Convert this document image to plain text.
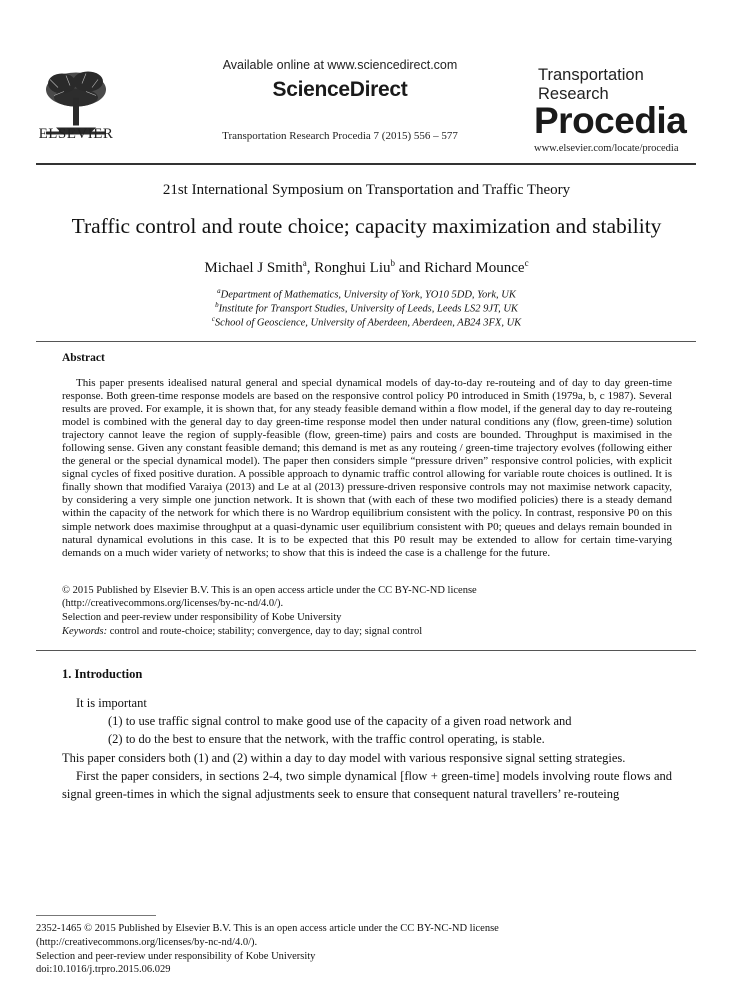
ELSEVIER
Available online at www.sciencedirect.com
ScienceDirect
Transportation Research Procedia 7 (2015) 556 – 577
Transportation
Research
Procedia
www.elsevier.com/locate/procedia
21st International Symposium on Transportation and Traffic Theory
Traffic control and route choice; capacity maximization and stability
Michael J Smith$^a$, Ronghui Liu$^b$ and Richard Mounce$^c$
$^a$Department of Mathematics, University of York, YO10 5DD, York, UK
$^b$Institute for Transport Studies, University of Leeds, Leeds LS2 9JT, UK
$^c$School of Geoscience, University of Aberdeen, Aberdeen, AB24 3FX, UK
Abstract
This paper presents idealised natural general and special dynamical models of day-to-day re-routeing and of day to day green-time response. Both green-time response models are based on the responsive control policy P0 introduced in Smith (1979a, b, c 1987). Several results are proved. For example, it is shown that, for any steady feasible demand within a flow model, if the general day to day re-routeing model is combined with the general day to day green-time response model then under natural conditions any (flow, green-time) solution trajectory cannot leave the region of supply-feasible (flow, green-time) pairs and costs are bounded. Throughput is maximised in the following sense. Given any constant feasible demand; this demand is met as any routeing / green-time trajectory evolves (following either the general or the special dynamical model). The paper then considers simple “pressure driven” responsive control policies, with explicit signal cycles of fixed positive duration. A possible approach to dynamic traffic control allowing for variable route choices is outlined. It is finally shown that modified Varaiya (2013) and Le at al (2013) pressure-driven responsive controls may not maximise network capacity, by considering a very simple one junction network. It is shown that (with each of these two modified policies) there is a steady demand within the capacity of the network for which there is no Wardrop equilibrium consistent with the policy. In contrast, responsive P0 on this simple network does maximise throughput at a quasi-dynamic user equilibrium consistent with P0; queues and delays remain bounded in natural dynamical evolutions in this case. It is to be expected that this P0 result may be extended to allow for certain time-varying demands on a much wider variety of networks; to show that this is indeed the case is a challenge for the future.
© 2015 Published by Elsevier B.V. This is an open access article under the CC BY-NC-ND license
(http://creativecommons.org/licenses/by-nc-nd/4.0/).
Selection and peer-review under responsibility of Kobe University
Keywords: control and route-choice; stability; convergence, day to day; signal control
1. Introduction
It is important
(1) to use traffic signal control to make good use of the capacity of a given road network and
(2) to do the best to ensure that the network, with the traffic control operating, is stable.
This paper considers both (1) and (2) within a day to day model with various responsive signal setting strategies.
First the paper considers, in sections 2-4, two simple dynamical [flow + green-time] models involving route flows and signal green-times in which the signal adjustments seek to ensure that consequent natural travellers’ re-routeing
2352-1465 © 2015 Published by Elsevier B.V. This is an open access article under the CC BY-NC-ND license
(http://creativecommons.org/licenses/by-nc-nd/4.0/).
Selection and peer-review under responsibility of Kobe University
doi:10.1016/j.trpro.2015.06.029
